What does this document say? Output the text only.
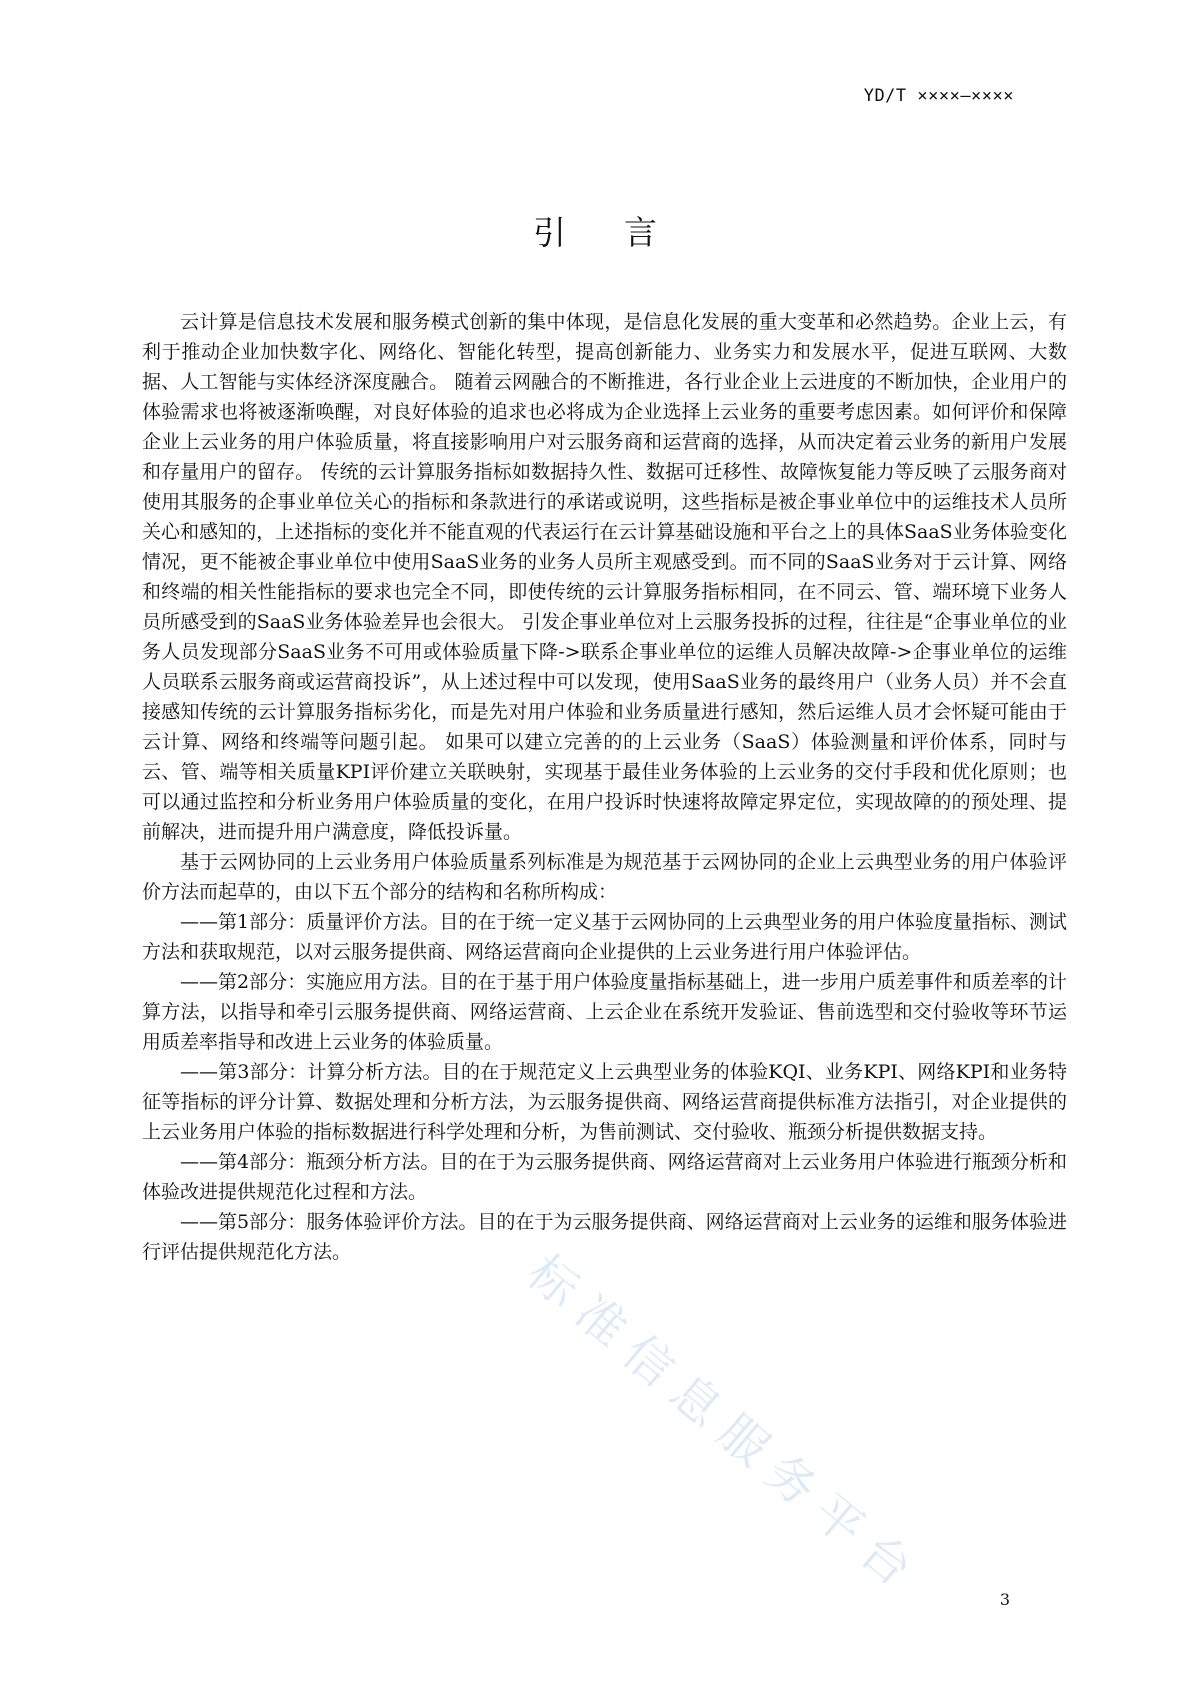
YD/T ××××—××××
引言

云计算是信息技术发展和服务模式创新的集中体现，是信息化发展的重大变革和必然趋势。企业上云，有利于推动企业加快数字化、网络化、智能化转型，提高创新能力、业务实力和发展水平，促进互联网、大数据、人工智能与实体经济深度融合。 随着云网融合的不断推进，各行业企业上云进度的不断加快，企业用户的体验需求也将被逐渐唤醒，对良好体验的追求也必将成为企业选择上云业务的重要考虑因素。如何评价和保障企业上云业务的用户体验质量，将直接影响用户对云服务商和运营商的选择，从而决定着云业务的新用户发展和存量用户的留存。 传统的云计算服务指标如数据持久性、数据可迁移性、故障恢复能力等反映了云服务商对使用其服务的企事业单位关心的指标和条款进行的承诺或说明，这些指标是被企事业单位中的运维技术人员所关心和感知的，上述指标的变化并不能直观的代表运行在云计算基础设施和平台之上的具体SaaS业务体验变化情况，更不能被企事业单位中使用SaaS业务的业务人员所主观感受到。而不同的SaaS业务对于云计算、网络和终端的相关性能指标的要求也完全不同，即使传统的云计算服务指标相同，在不同云、管、端环境下业务人员所感受到的SaaS业务体验差异也会很大。 引发企事业单位对上云服务投拆的过程，往往是“企事业单位的业务人员发现部分SaaS业务不可用或体验质量下降->联系企事业单位的运维人员解决故障->企事业单位的运维人员联系云服务商或运营商投诉”，从上述过程中可以发现，使用SaaS业务的最终用户（业务人员）并不会直接感知传统的云计算服务指标劣化，而是先对用户体验和业务质量进行感知，然后运维人员才会怀疑可能由于云计算、网络和终端等问题引起。 如果可以建立完善的的上云业务（SaaS）体验测量和评价体系，同时与云、管、端等相关质量KPI评价建立关联映射，实现基于最佳业务体验的上云业务的交付手段和优化原则；也可以通过监控和分析业务用户体验质量的变化，在用户投诉时快速将故障定界定位，实现故障的的预处理、提前解决，进而提升用户满意度，降低投诉量。

基于云网协同的上云业务用户体验质量系列标准是为规范基于云网协同的企业上云典型业务的用户体验评价方法而起草的，由以下五个部分的结构和名称所构成：

——第1部分：质量评价方法。目的在于统一定义基于云网协同的上云典型业务的用户体验度量指标、测试方法和获取规范，以对云服务提供商、网络运营商向企业提供的上云业务进行用户体验评估。

——第2部分：实施应用方法。目的在于基于用户体验度量指标基础上，进一步用户质差事件和质差率的计算方法，以指导和牵引云服务提供商、网络运营商、上云企业在系统开发验证、售前选型和交付验收等环节运用质差率指导和改进上云业务的体验质量。

——第3部分：计算分析方法。目的在于规范定义上云典型业务的体验KQI、业务KPI、网络KPI和业务特征等指标的评分计算、数据处理和分析方法，为云服务提供商、网络运营商提供标准方法指引，对企业提供的上云业务用户体验的指标数据进行科学处理和分析，为售前测试、交付验收、瓶颈分析提供数据支持。

——第4部分：瓶颈分析方法。目的在于为云服务提供商、网络运营商对上云业务用户体验进行瓶颈分析和体验改进提供规范化过程和方法。

——第5部分：服务体验评价方法。目的在于为云服务提供商、网络运营商对上云业务的运维和服务体验进行评估提供规范化方法。	标准信息服务平台	3
